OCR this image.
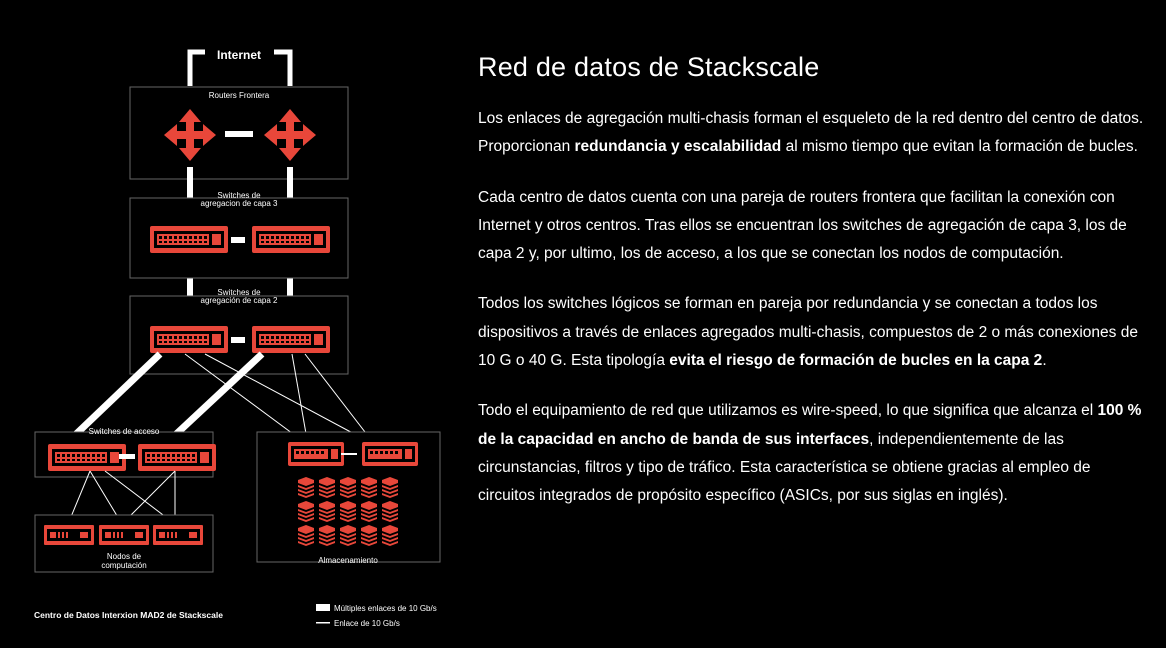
Internet
Routers Frontera
Switches de
agregacion de capa 3
Switches de
agregación de capa 2
Switches de acceso
Nodos de
computación
Almacenamiento
Centro de Datos Interxion MAD2 de Stackscale
Múltiples enlaces de 10 Gb/s
Enlace de 10 Gb/s
Red de datos de Stackscale

Los enlaces de agregación multi-chasis forman el esqueleto de la red dentro del centro de datos. Proporcionan redundancia y escalabilidad al mismo tiempo que evitan la formación de bucles.

Cada centro de datos cuenta con una pareja de routers frontera que facilitan la conexión con Internet y otros centros. Tras ellos se encuentran los switches de agregación de capa 3, los de capa 2 y, por ultimo, los de acceso, a los que se conectan los nodos de computación.

Todos los switches lógicos se forman en pareja por redundancia y se conectan a todos los dispositivos a través de enlaces agregados multi-chasis, compuestos de 2 o más conexiones de 10 G o 40 G. Esta tipología evita el riesgo de formación de bucles en la capa 2.

Todo el equipamiento de red que utilizamos es wire-speed, lo que significa que alcanza el 100 % de la capacidad en ancho de banda de sus interfaces, independientemente de las circunstancias, filtros y tipo de tráfico. Esta característica se obtiene gracias al empleo de circuitos integrados de propósito específico (ASICs, por sus siglas en inglés).
